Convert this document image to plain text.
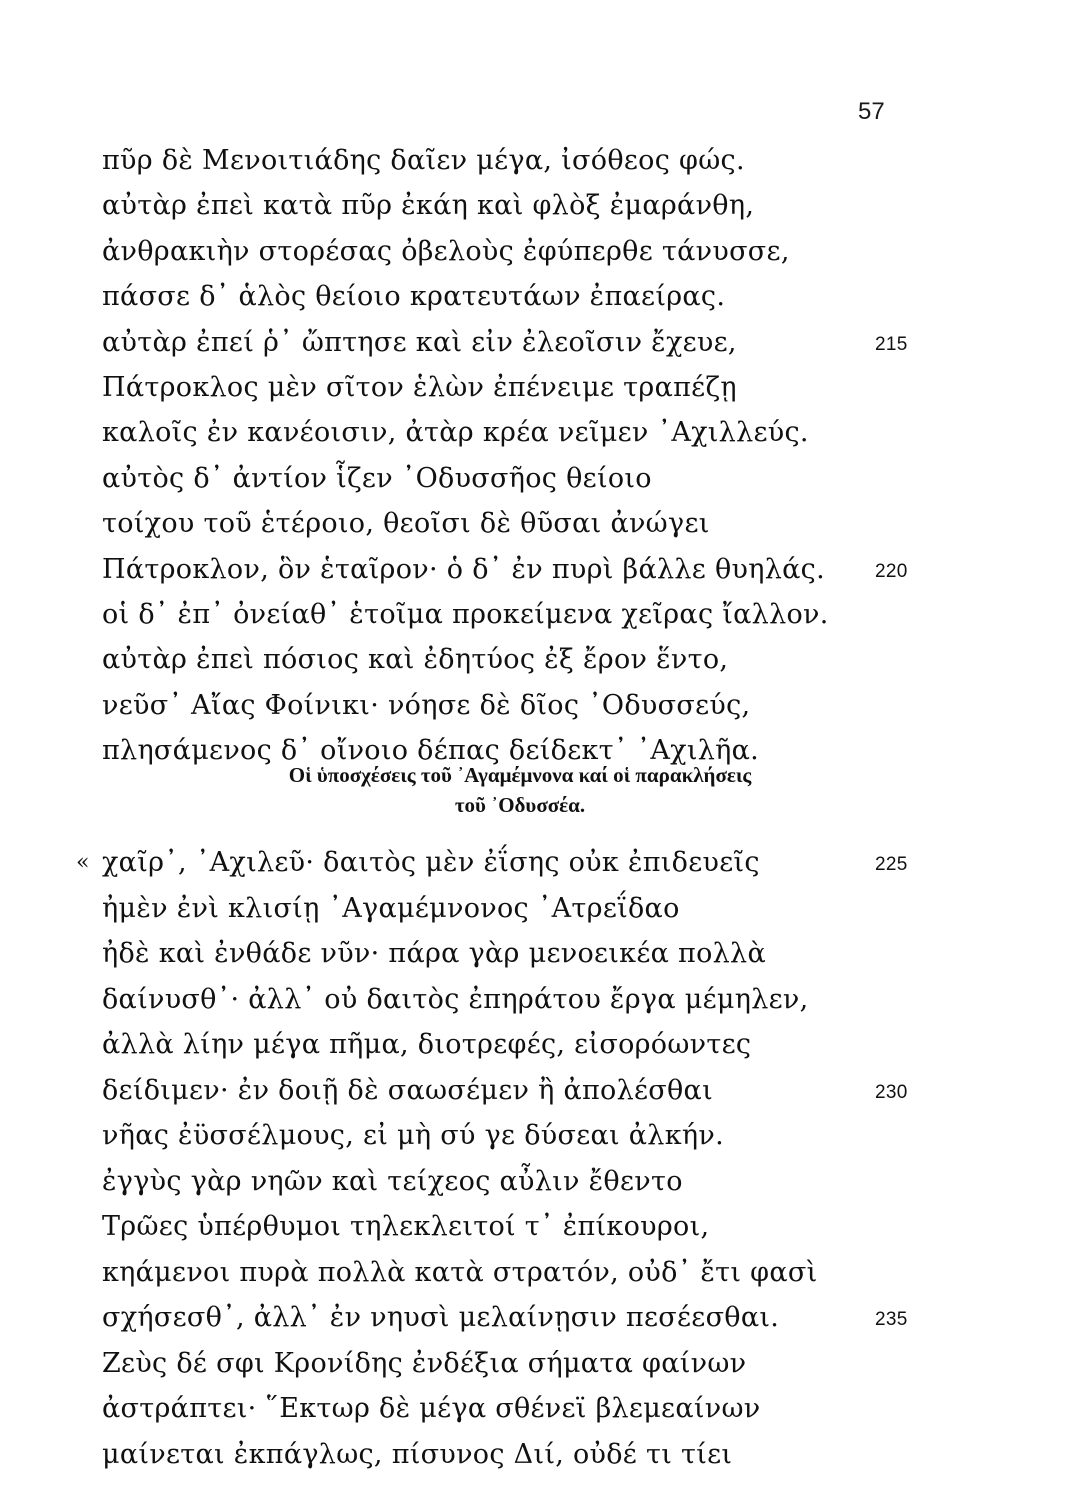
57
πῦρ δὲ Μενοιτιάδης δαῖεν μέγα, ἰσόθεος φώς.
αὐτὰρ ἐπεὶ κατὰ πῦρ ἐκάη καὶ φλὸξ ἐμαράνθη,
ἀνθρακιὴν στορέσας ὀβελοὺς ἐφύπερθε τάνυσσε,
πάσσε δ᾽ ἁλὸς θείοιο κρατευτάων ἐπαείρας.
αὐτὰρ ἐπεί ῥ᾽ ὤπτησε καὶ εἰν ἐλεοῖσιν ἔχευε,	215
Πάτροκλος μὲν σῖτον ἑλὼν ἐπένειμε τραπέζῃ
καλοῖς ἐν κανέοισιν, ἀτὰρ κρέα νεῖμεν ᾿Αχιλλεύς.
αὐτὸς δ᾽ ἀντίον ἷζεν ᾿Οδυσσῆος θείοιο
τοίχου τοῦ ἑτέροιο, θεοῖσι δὲ θῦσαι ἀνώγει
Πάτροκλον, ὃν ἑταῖρον· ὁ δ᾽ ἐν πυρὶ βάλλε θυηλάς.	220
οἱ δ᾽ ἐπ᾽ ὀνείαθ᾽ ἑτοῖμα προκείμενα χεῖρας ἴαλλον.
αὐτὰρ ἐπεὶ πόσιος καὶ ἐδητύος ἐξ ἔρον ἕντο,
νεῦσ᾽ Αἴας Φοίνικι· νόησε δὲ δῖος ᾿Οδυσσεύς,
πλησάμενος δ᾽ οἴνοιο δέπας δείδεκτ᾽ ᾿Αχιλῆα.
Οἱ ὑποσχέσεις τοῦ ᾿Αγαμέμνονα καί οἱ παρακλήσεις
τοῦ ᾿Οδυσσέα.
« χαῖρ᾽, ᾿Αχιλεῦ· δαιτὸς μὲν ἐΐσης οὐκ ἐπιδευεῖς	225
ἠμὲν ἐνὶ κλισίῃ ᾿Αγαμέμνονος ᾿Ατρεΐδαο
ἠδὲ καὶ ἐνθάδε νῦν· πάρα γὰρ μενοεικέα πολλὰ
δαίνυσθ᾽· ἀλλ᾽ οὐ δαιτὸς ἐπηράτου ἔργα μέμηλεν,
ἀλλὰ λίην μέγα πῆμα, διοτρεφές, εἰσορόωντες
δείδιμεν· ἐν δοιῇ δὲ σαωσέμεν ἢ ἀπολέσθαι	230
νῆας ἐϋσσέλμους, εἰ μὴ σύ γε δύσεαι ἀλκήν.
ἐγγὺς γὰρ νηῶν καὶ τείχεος αὖλιν ἔθεντο
Τρῶες ὑπέρθυμοι τηλεκλειτοί τ᾽ ἐπίκουροι,
κηάμενοι πυρὰ πολλὰ κατὰ στρατόν, οὐδ᾽ ἔτι φασὶ
σχήσεσθ᾽, ἀλλ᾽ ἐν νηυσὶ μελαίνῃσιν πεσέεσθαι.	235
Ζεὺς δέ σφι Κρονίδης ἐνδέξια σήματα φαίνων
ἀστράπτει· ῞Εκτωρ δὲ μέγα σθένεϊ βλεμεαίνων
μαίνεται ἐκπάγλως, πίσυνος Διί, οὐδέ τι τίει
